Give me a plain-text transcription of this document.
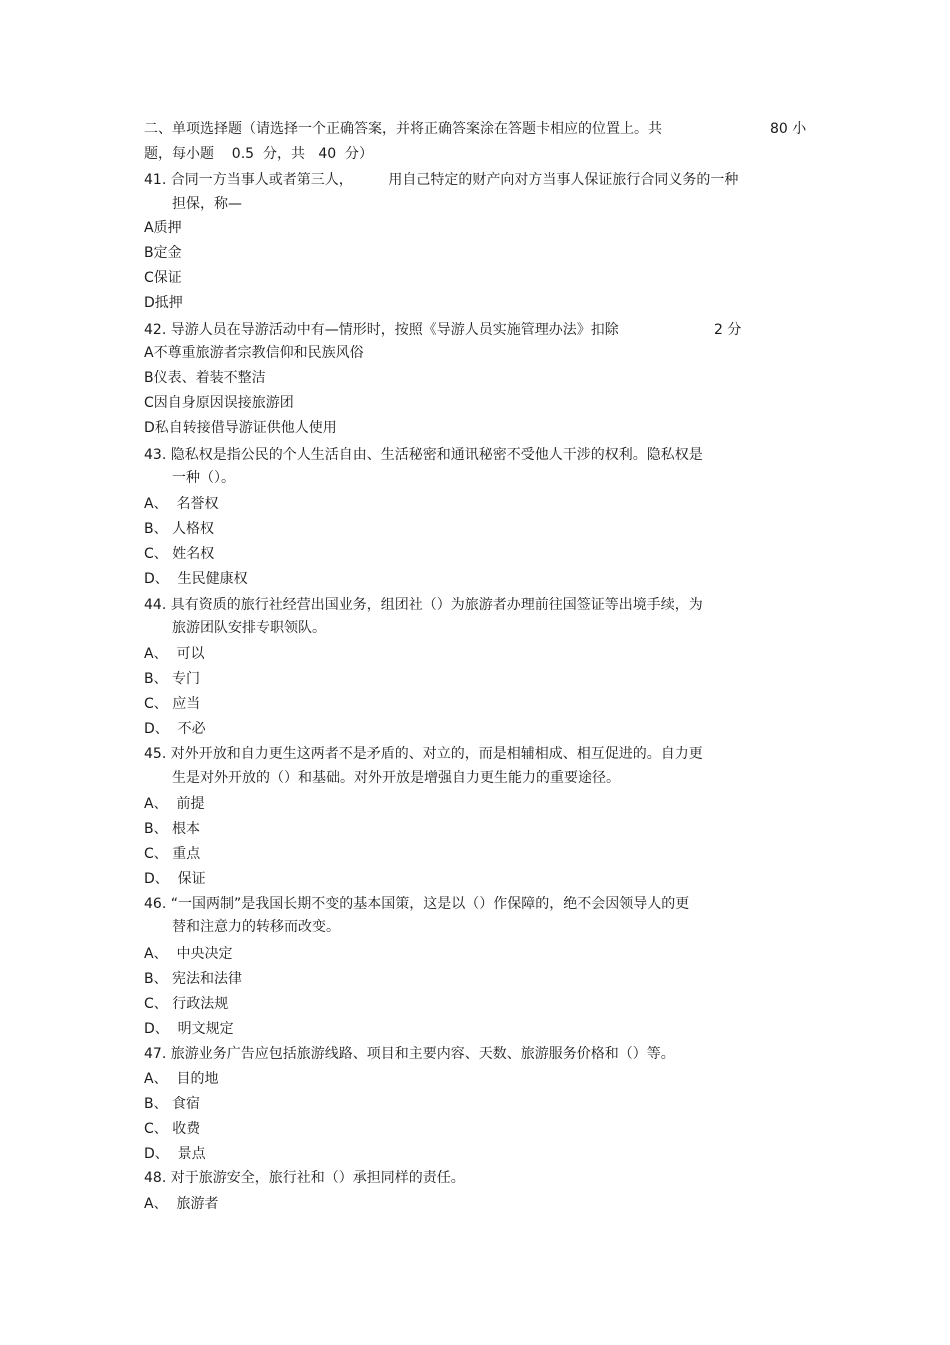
二、单项选择题（请选择一个正确答案，并将正确答案涂在答题卡相应的位置上。共	80 小
题，每小题    0.5  分，共   40  分）
41. 合同一方当事人或者第三人，        用自己特定的财产向对方当事人保证旅行合同义务的一种
担保，称—
A质押
B定金
C保证
D抵押
42. 导游人员在导游活动中有—情形时，按照《导游人员实施管理办法》扣除	2 分
A不尊重旅游者宗教信仰和民族风俗
B仪表、着装不整洁
C因自身原因误接旅游团
D私自转接借导游证供他人使用
43. 隐私权是指公民的个人生活自由、生活秘密和通讯秘密不受他人干涉的权利。隐私权是
一种（）。
A、  名誉权
B、 人格权
C、 姓名权
D、  生民健康权
44. 具有资质的旅行社经营出国业务，组团社（）为旅游者办理前往国签证等出境手续，为
旅游团队安排专职领队。
A、  可以
B、 专门
C、 应当
D、  不必
45. 对外开放和自力更生这两者不是矛盾的、对立的，而是相辅相成、相互促进的。自力更
生是对外开放的（）和基础。对外开放是增强自力更生能力的重要途径。
A、  前提
B、 根本
C、 重点
D、  保证
46. “一国两制”是我国长期不变的基本国策，这是以（）作保障的，绝不会因领导人的更
替和注意力的转移而改变。
A、  中央决定
B、 宪法和法律
C、 行政法规
D、  明文规定
47. 旅游业务广告应包括旅游线路、项目和主要内容、天数、旅游服务价格和（）等。
A、  目的地
B、 食宿
C、 收费
D、  景点
48. 对于旅游安全，旅行社和（）承担同样的责任。
A、  旅游者
